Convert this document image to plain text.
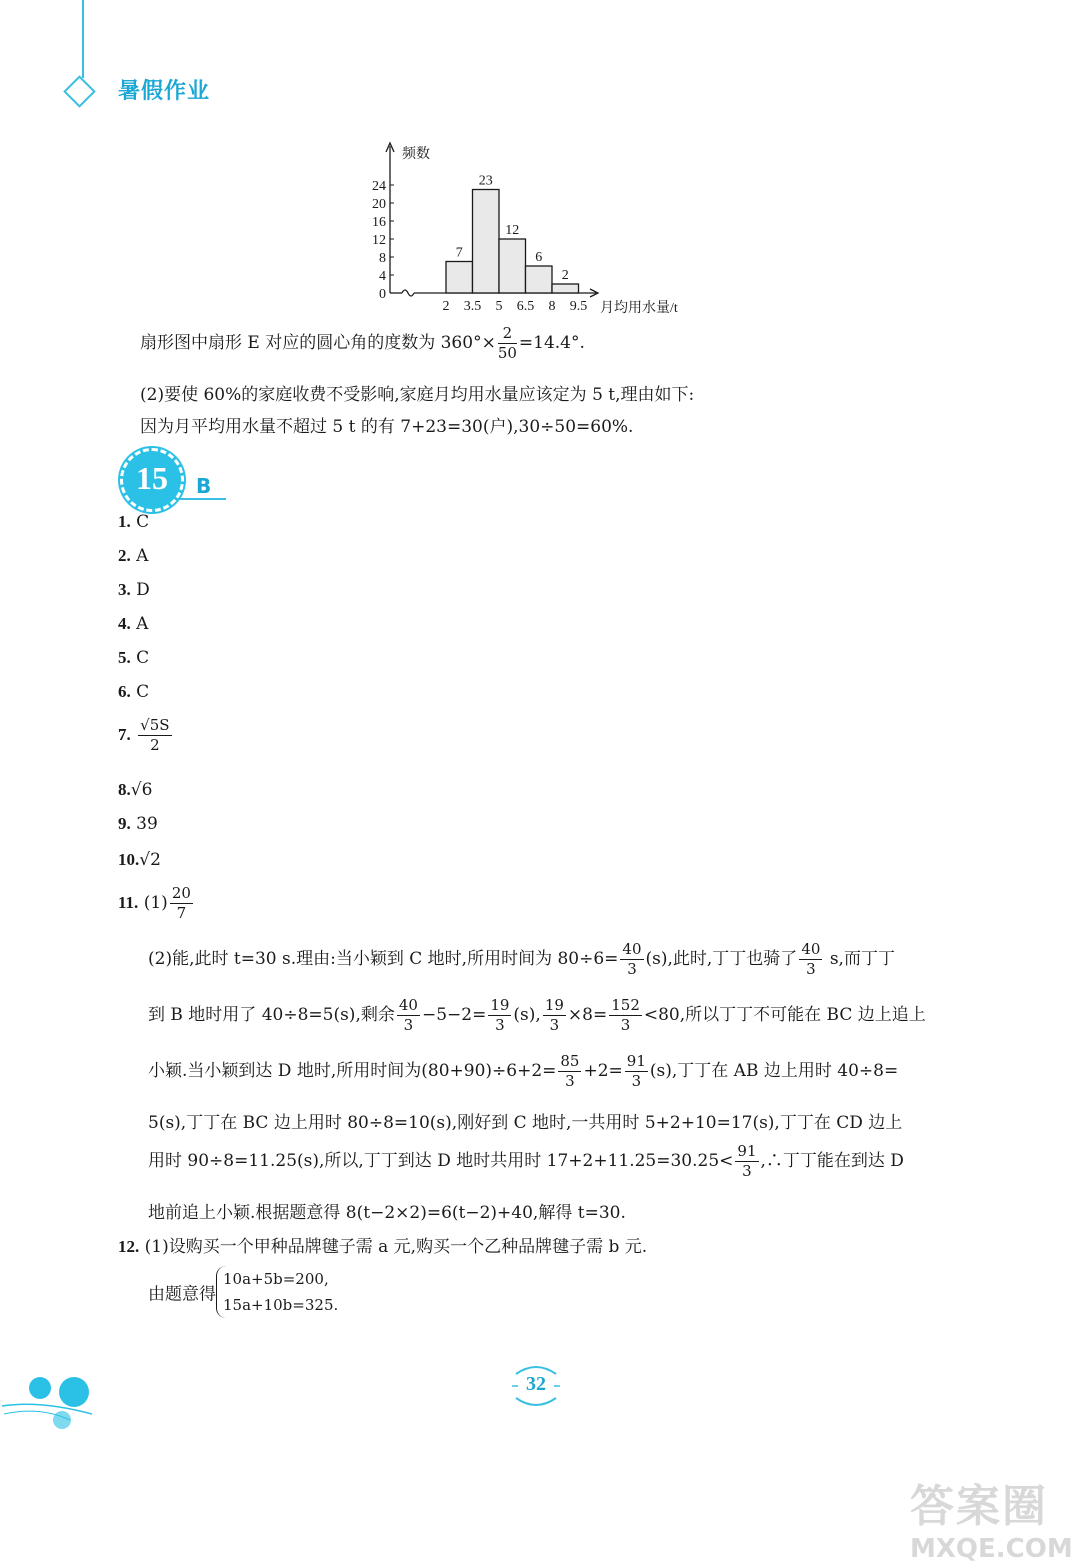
暑假作业
频数
0
4
8
12
16
20
24
7
23
12
6
2
2 3.5 5 6.5 8 9.5 月均用水量/t
扇形图中扇形 E 对应的圆心角的度数为 $360^\circ\times \frac{2}{50} =14.4^\circ$.
(2)要使 60%的家庭收费不受影响,家庭月均用水量应该定为 5 t,理由如下:
因为月平均用水量不超过 5 t 的有 7+23=30(户),30÷50=60%.
15	B
1. C
2. A
3. D
4. A
5. C
6. C
7. $\frac{√5S}{2}$
8.√6
9. 39
10.√2
11. $(1) \frac{20}{7}$
(2)能,此时 t=30 s.理由:当小颖到 C 地时,所用时间为 $80\div 6= \frac{40}{3} (s)$,此时,丁丁也骑了 $\frac{40}{3} s$,而丁丁
到 B 地时用了 40÷8=5(s),剩余 $\frac{40}{3} -5-2= \frac{19}{3} (s)$, $\frac{19}{3} \times 8= \frac{152}{3} <80$,所以丁丁不可能在 BC 边上追上
小颖.当小颖到达 D 地时,所用时间为$(80+90)\div 6+2= \frac{85}{3} +2= \frac{91}{3} (s)$,丁丁在 AB 边上用时 40÷8=
5(s),丁丁在 BC 边上用时 80÷8=10(s),刚好到 C 地时,一共用时 5+2+10=17(s),丁丁在 CD 边上
用时 90÷8=11.25(s),所以,丁丁到达 D 地时共用时 $17+2+11.25=30.25< \frac{91}{3}$ ,∴丁丁能在到达 D
地前追上小颖.根据题意得 8(t−2×2)=6(t−2)+40,解得 t=30.
12. (1)设购买一个甲种品牌毽子需 a 元,购买一个乙种品牌毽子需 b 元.
由题意得
10a+5b=200,
15a+10b=325.
32
答案圈
MXQE.COM
